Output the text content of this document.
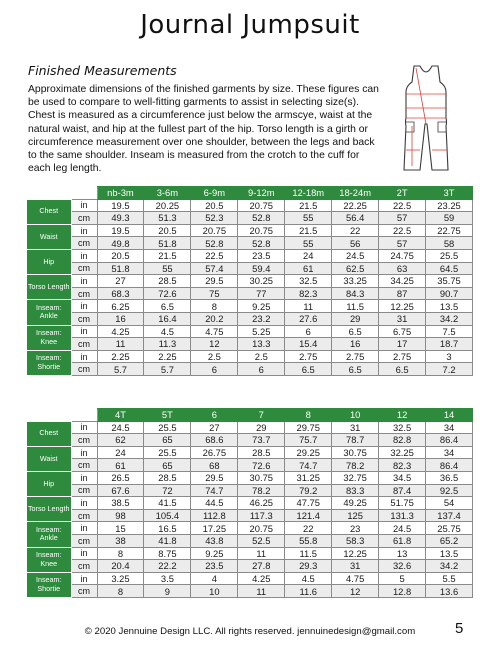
Journal Jumpsuit
Finished Measurements
Approximate dimensions of the finished garments by size. These figures can be used to compare to well-fitting garments to assist in selecting size(s). Chest is measured as a circumference just below the armscye, waist at the natural waist, and hip at the fullest part of the hip. Torso length is a girth or circumference measurement over one shoulder, between the legs and back to the same shoulder. Inseam is measured from the crotch to the cuff for each leg length.
		nb-3m	3-6m	6-9m	9-12m	12-18m	18-24m	2T	3T
Chest	in	19.5	20.25	20.5	20.75	21.5	22.25	22.5	23.25
	cm	49.3	51.3	52.3	52.8	55	56.4	57	59
Waist	in	19.5	20.5	20.75	20.75	21.5	22	22.5	22.75
	cm	49.8	51.8	52.8	52.8	55	56	57	58
Hip	in	20.5	21.5	22.5	23.5	24	24.5	24.75	25.5
	cm	51.8	55	57.4	59.4	61	62.5	63	64.5
Torso Length	in	27	28.5	29.5	30.25	32.5	33.25	34.25	35.75
	cm	68.3	72.6	75	77	82.3	84.3	87	90.7
Inseam: Ankle	in	6.25	6.5	8	9.25	11	11.5	12.25	13.5
	cm	16	16.4	20.2	23.2	27.6	29	31	34.2
Inseam: Knee	in	4.25	4.5	4.75	5.25	6	6.5	6.75	7.5
	cm	11	11.3	12	13.3	15.4	16	17	18.7
Inseam: Shortie	in	2.25	2.25	2.5	2.5	2.75	2.75	2.75	3
	cm	5.7	5.7	6	6	6.5	6.5	6.5	7.2
		4T	5T	6	7	8	10	12	14
Chest	in	24.5	25.5	27	29	29.75	31	32.5	34
	cm	62	65	68.6	73.7	75.7	78.7	82.8	86.4
Waist	in	24	25.5	26.75	28.5	29.25	30.75	32.25	34
	cm	61	65	68	72.6	74.7	78.2	82.3	86.4
Hip	in	26.5	28.5	29.5	30.75	31.25	32.75	34.5	36.5
	cm	67.6	72	74.7	78.2	79.2	83.3	87.4	92.5
Torso Length	in	38.5	41.5	44.5	46.25	47.75	49.25	51.75	54
	cm	98	105.4	112.8	117.3	121.4	125	131.3	137.4
Inseam: Ankle	in	15	16.5	17.25	20.75	22	23	24.5	25.75
	cm	38	41.8	43.8	52.5	55.8	58.3	61.8	65.2
Inseam: Knee	in	8	8.75	9.25	11	11.5	12.25	13	13.5
	cm	20.4	22.2	23.5	27.8	29.3	31	32.6	34.2
Inseam: Shortie	in	3.25	3.5	4	4.25	4.5	4.75	5	5.5
	cm	8	9	10	11	11.6	12	12.8	13.6
© 2020 Jennuine Design LLC. All rights reserved. jennuinedesign@gmail.com	5
